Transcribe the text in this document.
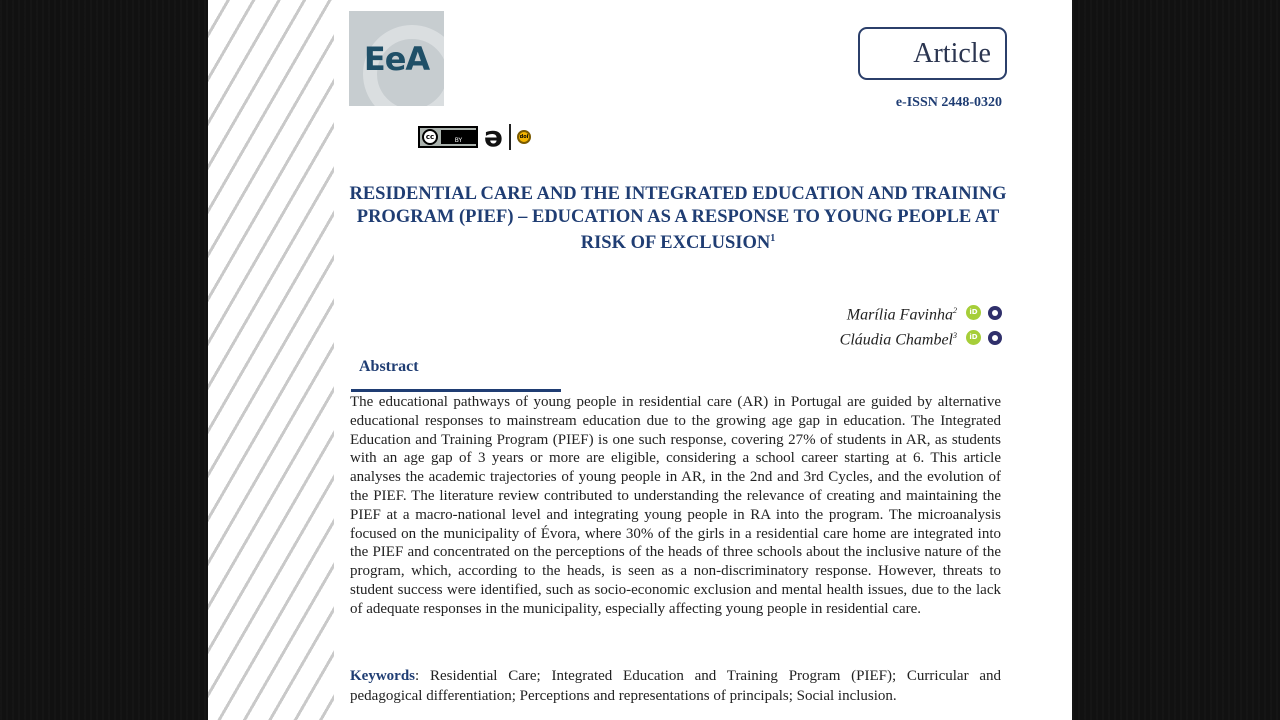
EeA	Article
e-ISSN 2448-0320
cc	BY ə	doi
RESIDENTIAL CARE AND THE INTEGRATED EDUCATION AND TRAINING PROGRAM (PIEF) – EDUCATION AS A RESPONSE TO YOUNG PEOPLE AT RISK OF EXCLUSION$^1$
Marília Favinha$^2$	iD
Cláudia Chambel$^3$	iD
Abstract

The educational pathways of young people in residential care (AR) in Portugal are guided by alternative educational responses to mainstream education due to the growing age gap in education. The Integrated Education and Training Program (PIEF) is one such response, covering 27% of students in AR, as students with an age gap of 3 years or more are eligible, considering a school career starting at 6. This article analyses the academic trajectories of young people in AR, in the 2nd and 3rd Cycles, and the evolution of the PIEF. The literature review contributed to understanding the relevance of creating and maintaining the PIEF at a macro-national level and integrating young people in RA into the program. The microanalysis focused on the municipality of Évora, where 30% of the girls in a residential care home are integrated into the PIEF and concentrated on the perceptions of the heads of three schools about the inclusive nature of the program, which, according to the heads, is seen as a non-discriminatory response. However, threats to student success were identified, such as socio-economic exclusion and mental health issues, due to the lack of adequate responses in the municipality, especially affecting young people in residential care.

Keywords: Residential Care; Integrated Education and Training Program (PIEF); Curricular and pedagogical differentiation; Perceptions and representations of principals; Social inclusion.
